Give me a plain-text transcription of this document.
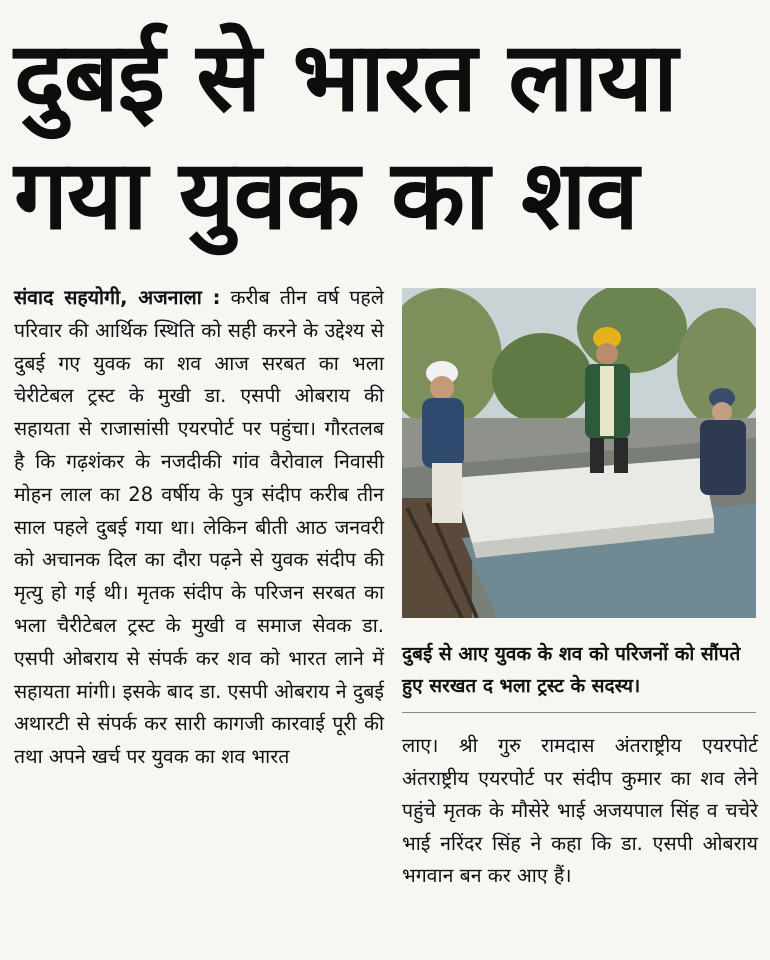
दुबई से भारत लाया
गया युवक का शव

संवाद सहयोगी, अजनाला : करीब तीन वर्ष पहले परिवार की आर्थिक स्थिति को सही करने के उद्देश्य से दुबई गए युवक का शव आज सरबत का भला चेरीटेबल ट्रस्ट के मुखी डा. एसपी ओबराय की सहायता से राजासांसी एयरपोर्ट पर पहुंचा। गौरतलब है कि गढ़शंकर के नजदीकी गांव वैरोवाल निवासी मोहन लाल का 28 वर्षीय के पुत्र संदीप करीब तीन साल पहले दुबई गया था। लेकिन बीती आठ जनवरी को अचानक दिल का दौरा पढ़ने से युवक संदीप की मृत्यु हो गई थी। मृतक संदीप के परिजन सरबत का भला चैरीटेबल ट्रस्ट के मुखी व समाज सेवक डा. एसपी ओबराय से संपर्क कर शव को भारत लाने में सहायता मांगी। इसके बाद डा. एसपी ओबराय ने दुबई अथारटी से संपर्क कर सारी कागजी कारवाई पूरी की तथा अपने खर्च पर युवक का शव भारत

दुबई से आए युवक के शव को परिजनों को सौंपते हुए सरखत द भला ट्रस्ट के सदस्य।

लाए। श्री गुरु रामदास अंतराष्ट्रीय एयरपोर्ट अंतराष्ट्रीय एयरपोर्ट पर संदीप कुमार का शव लेने पहुंचे मृतक के मौसेरे भाई अजयपाल सिंह व चचेरे भाई नरिंदर सिंह ने कहा कि डा. एसपी ओबराय भगवान बन कर आए हैं।
